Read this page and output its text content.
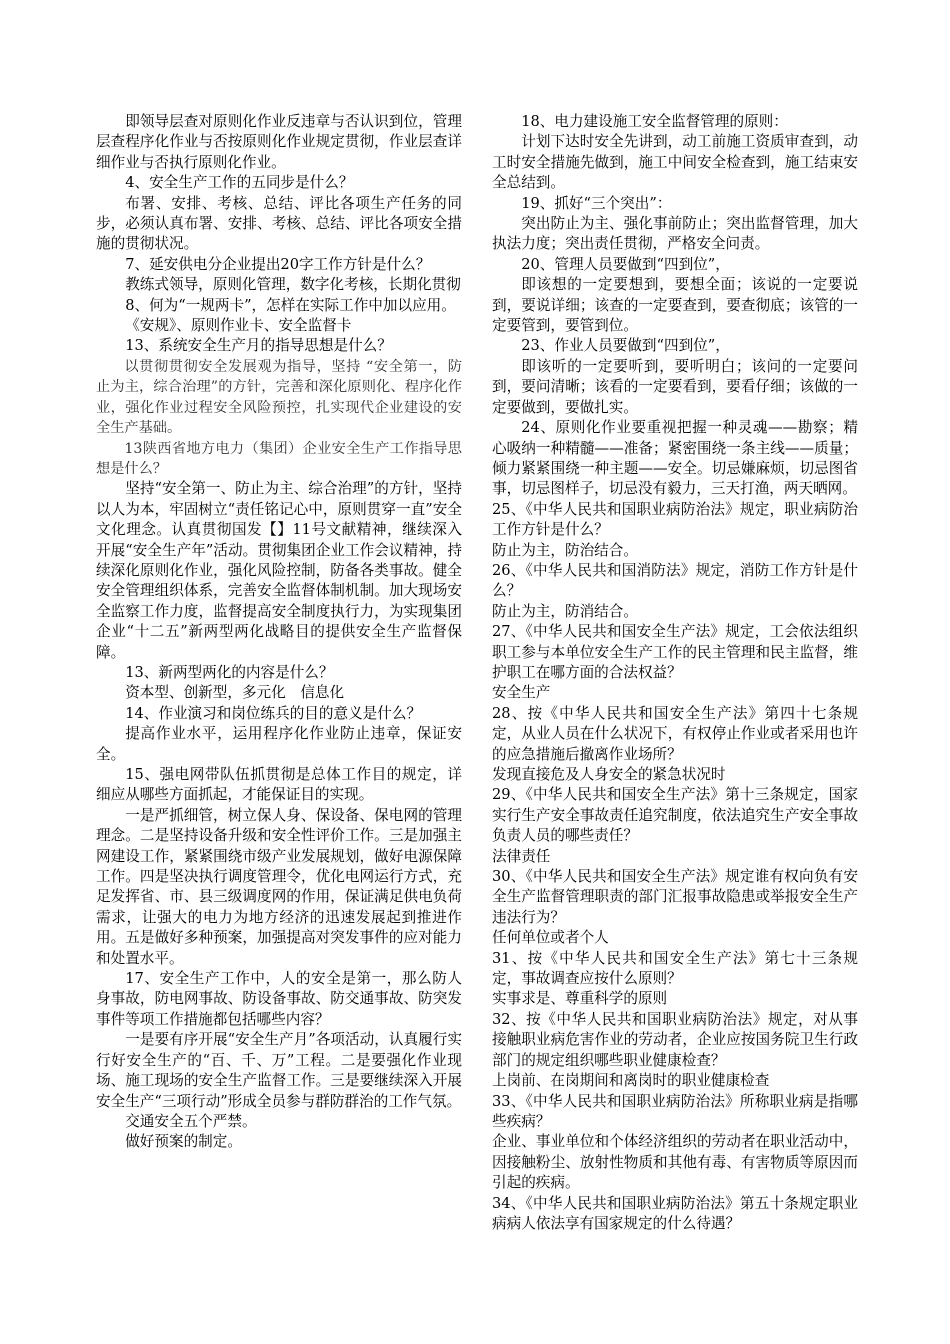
即领导层查对原则化作业反违章与否认识到位，管理层查程序化作业与否按原则化作业规定贯彻，作业层查详细作业与否执行原则化作业。

4、安全生产工作的五同步是什么？

布署、安排、考核、总结、评比各项生产任务的同步，必须认真布署、安排、考核、总结、评比各项安全措施的贯彻状况。

7、延安供电分企业提出20字工作方针是什么？

教练式领导，原则化管理，数字化考核，长期化贯彻

8、何为“一规两卡”，怎样在实际工作中加以应用。

《安规》、原则作业卡、安全监督卡

13、系统安全生产月的指导思想是什么？

以贯彻贯彻安全发展观为指导，坚持 “安全第一，防止为主，综合治理”的方针，完善和深化原则化、程序化作业，强化作业过程安全风险预控，扎实现代企业建设的安全生产基础。

13陕西省地方电力（集团）企业安全生产工作指导思想是什么？

坚持“安全第一、防止为主、综合治理”的方针，坚持以人为本，牢固树立“责任铭记心中，原则贯穿一直”安全文化理念。认真贯彻国发【】11号文献精神，继续深入开展“安全生产年”活动。贯彻集团企业工作会议精神，持续深化原则化作业，强化风险控制，防备各类事故。健全安全管理组织体系，完善安全监督体制机制。加大现场安全监察工作力度，监督提高安全制度执行力，为实现集团企业“十二五”新两型两化战略目的提供安全生产监督保障。

13、新两型两化的内容是什么？

资本型、创新型，多元化　信息化

14、作业演习和岗位练兵的目的意义是什么？

提高作业水平，运用程序化作业防止违章，保证安全。

15、强电网带队伍抓贯彻是总体工作目的规定，详细应从哪些方面抓起，才能保证目的实现。

一是严抓细管，树立保人身、保设备、保电网的管理理念。二是坚持设备升级和安全性评价工作。三是加强主网建设工作，紧紧围绕市级产业发展规划，做好电源保障工作。四是坚决执行调度管理令，优化电网运行方式，充足发挥省、市、县三级调度网的作用，保证满足供电负荷需求，让强大的电力为地方经济的迅速发展起到推进作用。五是做好多种预案，加强提高对突发事件的应对能力和处置水平。

17、安全生产工作中，人的安全是第一，那么防人身事故，防电网事故、防设备事故、防交通事故、防突发事件等项工作措施都包括哪些内容？

一是要有序开展“安全生产月”各项活动，认真履行实行好安全生产的“百、千、万”工程。二是要强化作业现场、施工现场的安全生产监督工作。三是要继续深入开展安全生产“三项行动”形成全员参与群防群治的工作气氛。

交通安全五个严禁。

做好预案的制定。

18、电力建设施工安全监督管理的原则：

计划下达时安全先讲到，动工前施工资质审查到，动工时安全措施先做到，施工中间安全检查到，施工结束安全总结到。

19、抓好“三个突出”：

突出防止为主、强化事前防止；突出监督管理，加大执法力度；突出责任贯彻，严格安全问责。

20、管理人员要做到“四到位”，

即该想的一定要想到，要想全面；该说的一定要说到，要说详细；该查的一定要查到，要查彻底；该管的一定要管到，要管到位。

23、作业人员要做到“四到位”，

即该听的一定要听到，要听明白；该问的一定要问到，要问清晰；该看的一定要看到，要看仔细；该做的一定要做到，要做扎实。

24、原则化作业要重视把握一种灵魂——勘察；精心吸纳一种精髓——准备；紧密围绕一条主线——质量；倾力紧紧围绕一种主题——安全。切忌嫌麻烦，切忌图省事，切忌图样子，切忌没有毅力，三天打渔，两天晒网。

25、《中华人民共和国职业病防治法》规定，职业病防治工作方针是什么？

防止为主，防治结合。

26、《中华人民共和国消防法》规定，消防工作方针是什么？

防止为主，防消结合。

27、《中华人民共和国安全生产法》规定，工会依法组织职工参与本单位安全生产工作的民主管理和民主监督，维护职工在哪方面的合法权益？

安全生产

28、按《中华人民共和国安全生产法》第四十七条规定，从业人员在什么状况下，有权停止作业或者采用也许的应急措施后撤离作业场所？

发现直接危及人身安全的紧急状况时

29、《中华人民共和国安全生产法》第十三条规定，国家实行生产安全事故责任追究制度，依法追究生产安全事故负责人员的哪些责任？

法律责任

30、《中华人民共和国安全生产法》规定谁有权向负有安全生产监督管理职责的部门汇报事故隐患或举报安全生产违法行为？

任何单位或者个人

31、按《中华人民共和国安全生产法》第七十三条规定，事故调查应按什么原则？

实事求是、尊重科学的原则

32、按《中华人民共和国职业病防治法》规定，对从事接触职业病危害作业的劳动者，企业应按国务院卫生行政部门的规定组织哪些职业健康检查？

上岗前、在岗期间和离岗时的职业健康检查

33、《中华人民共和国职业病防治法》所称职业病是指哪些疾病？

企业、事业单位和个体经济组织的劳动者在职业活动中，因接触粉尘、放射性物质和其他有毒、有害物质等原因而引起的疾病。

34、《中华人民共和国职业病防治法》第五十条规定职业病病人依法享有国家规定的什么待遇？
